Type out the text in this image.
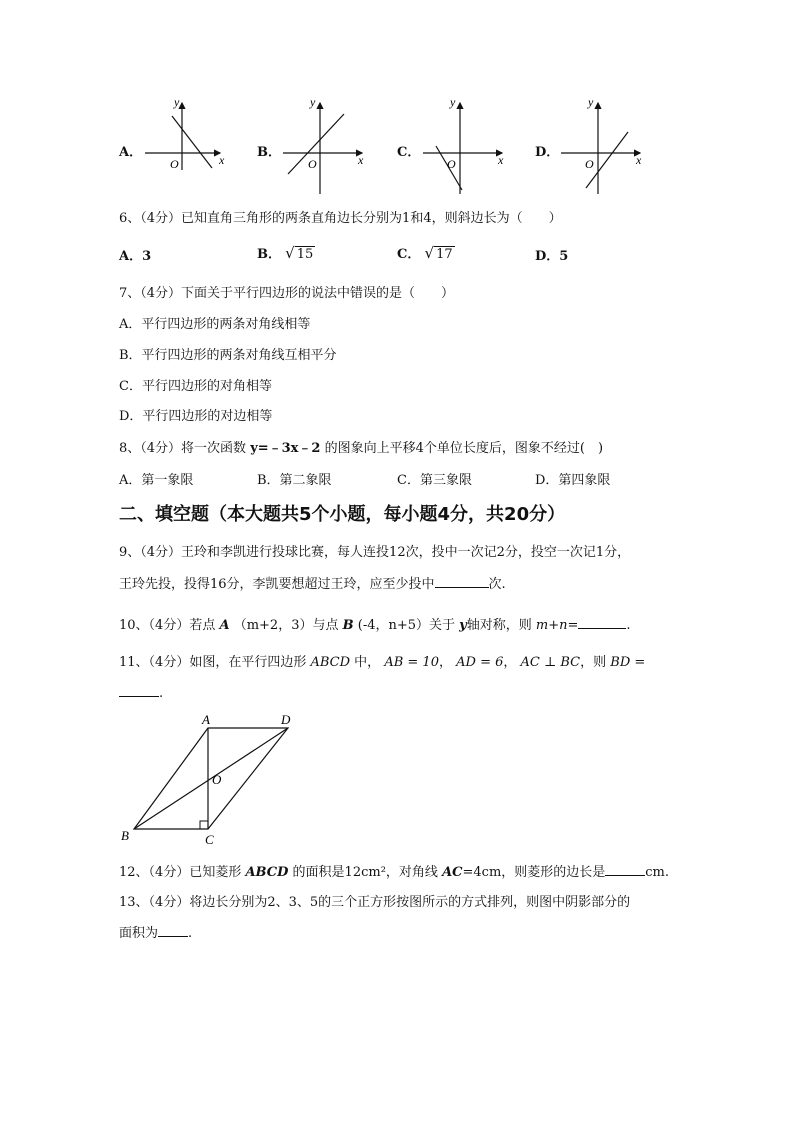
A．
y
x
O
B．
y
x
O
C．
y
x
O
D．
y
x
O
6、（4分）已知直角三角形的两条直角边长分别为1和4，则斜边长为（　　）
A．3	B． √ 15	C． √ 17	D．5
7、（4分）下面关于平行四边形的说法中错误的是（　　）
A．平行四边形的两条对角线相等
B．平行四边形的两条对角线互相平分
C．平行四边形的对角相等
D．平行四边形的对边相等
8、（4分）将一次函数 y=﹣3x﹣2 的图象向上平移4个单位长度后，图象不经过(　)
A．第一象限	B．第二象限	C．第三象限	D．第四象限
二、填空题（本大题共5个小题，每小题4分，共20分）
9、（4分）王玲和李凯进行投球比赛，每人连投12次，投中一次记2分，投空一次记1分，
王玲先投，投得16分，李凯要想超过王玲，应至少投中	次.
10、（4分）若点 A （m+2，3）与点 B (-4，n+5）关于 y轴对称，则 m+n=	.
11、（4分）如图，在平行四边形 ABCD 中， AB = 10， AD = 6， AC ⊥ BC，则 BD =
.
A	D
B	C
O
12、（4分）已知菱形 ABCD 的面积是12cm²，对角线 AC=4cm，则菱形的边长是	cm.
13、（4分）将边长分别为2、3、5的三个正方形按图所示的方式排列，则图中阴影部分的
面积为 .
